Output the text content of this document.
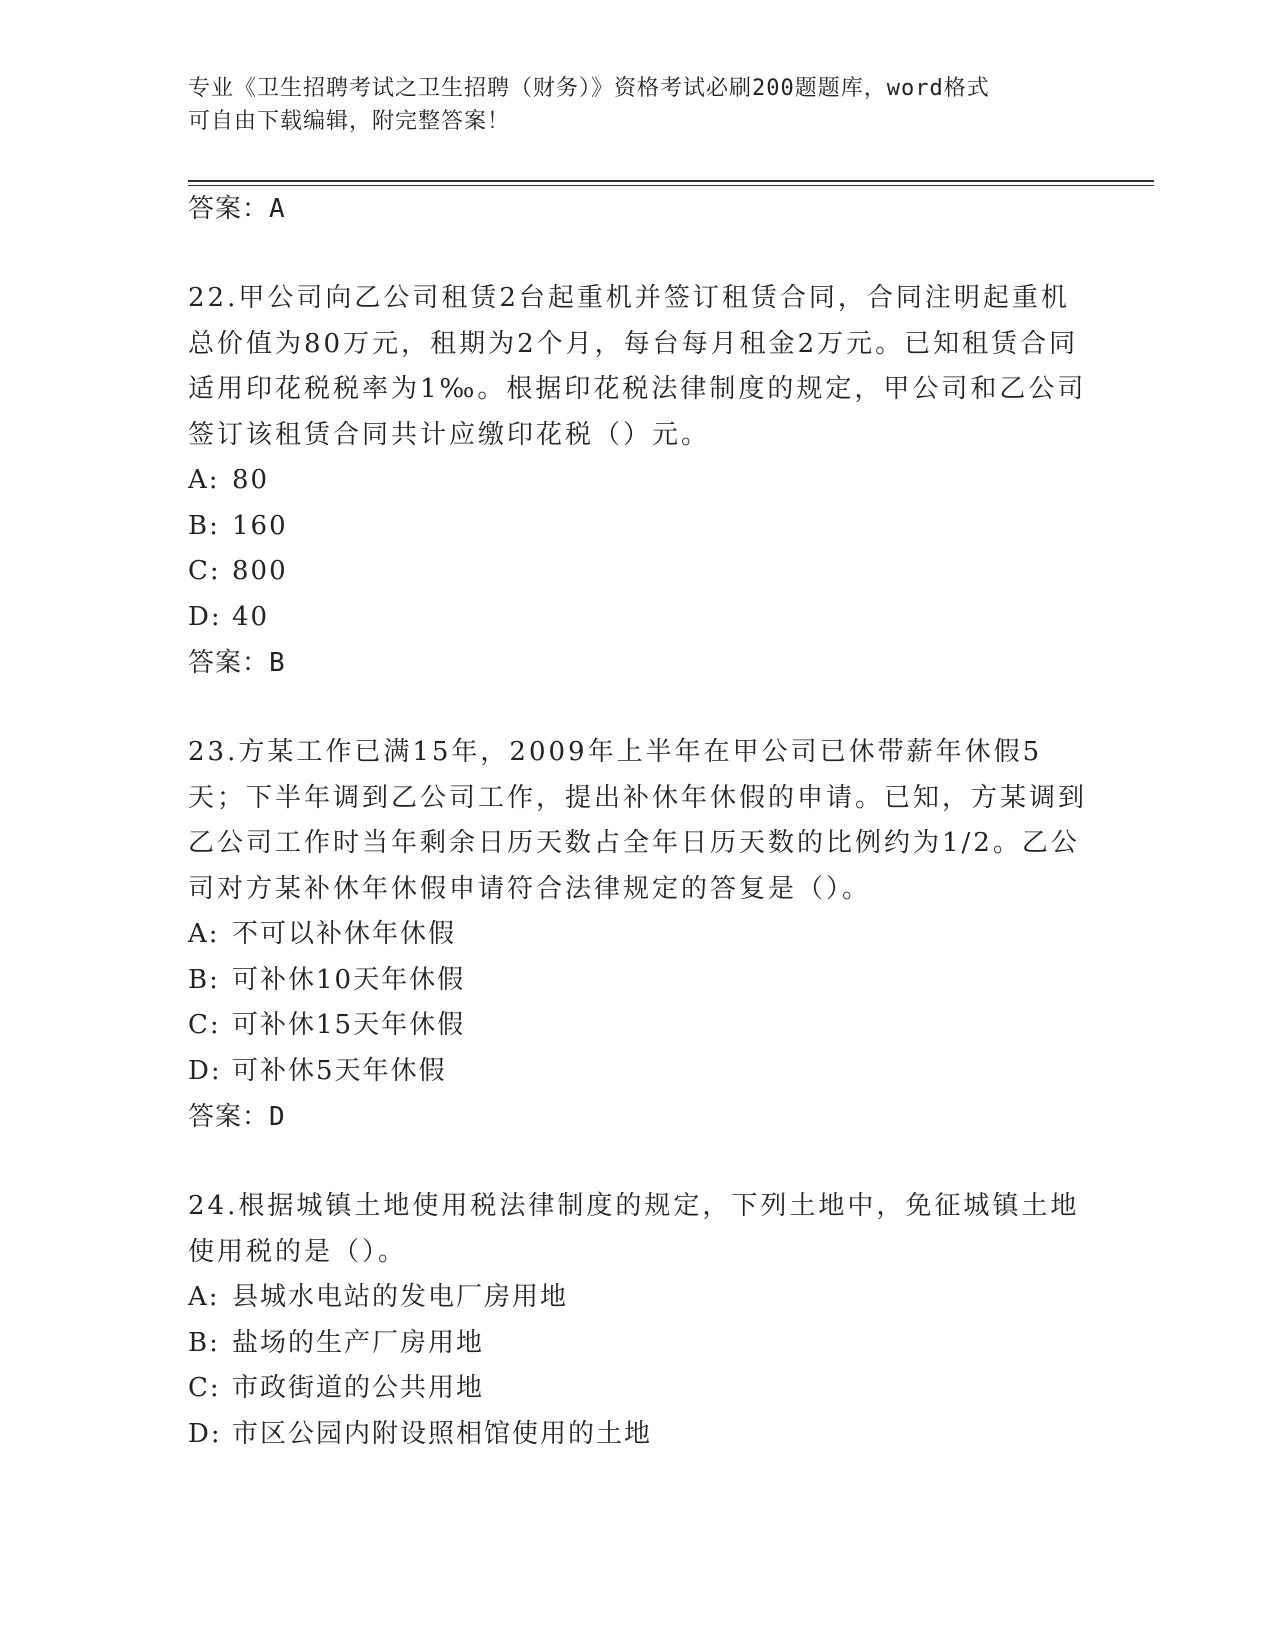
专业《卫生招聘考试之卫生招聘（财务）》资格考试必刷200题题库，word格式
可自由下载编辑，附完整答案！
答案：A

22.甲公司向乙公司租赁2台起重机并签订租赁合同，合同注明起重机总价值为80万元，租期为2个月，每台每月租金2万元。已知租赁合同适用印花税税率为1‰。根据印花税法律制度的规定，甲公司和乙公司签订该租赁合同共计应缴印花税（）元。

A: 80
B: 160
C: 800
D: 40
答案：B

23.方某工作已满15年，2009年上半年在甲公司已休带薪年休假5天；下半年调到乙公司工作，提出补休年休假的申请。已知，方某调到乙公司工作时当年剩余日历天数占全年日历天数的比例约为1/2。乙公司对方某补休年休假申请符合法律规定的答复是（）。

A: 不可以补休年休假
B: 可补休10天年休假
C: 可补休15天年休假
D: 可补休5天年休假
答案：D

24.根据城镇土地使用税法律制度的规定，下列土地中，免征城镇土地使用税的是（）。

A: 县城水电站的发电厂房用地
B: 盐场的生产厂房用地
C: 市政街道的公共用地
D: 市区公园内附设照相馆使用的土地
